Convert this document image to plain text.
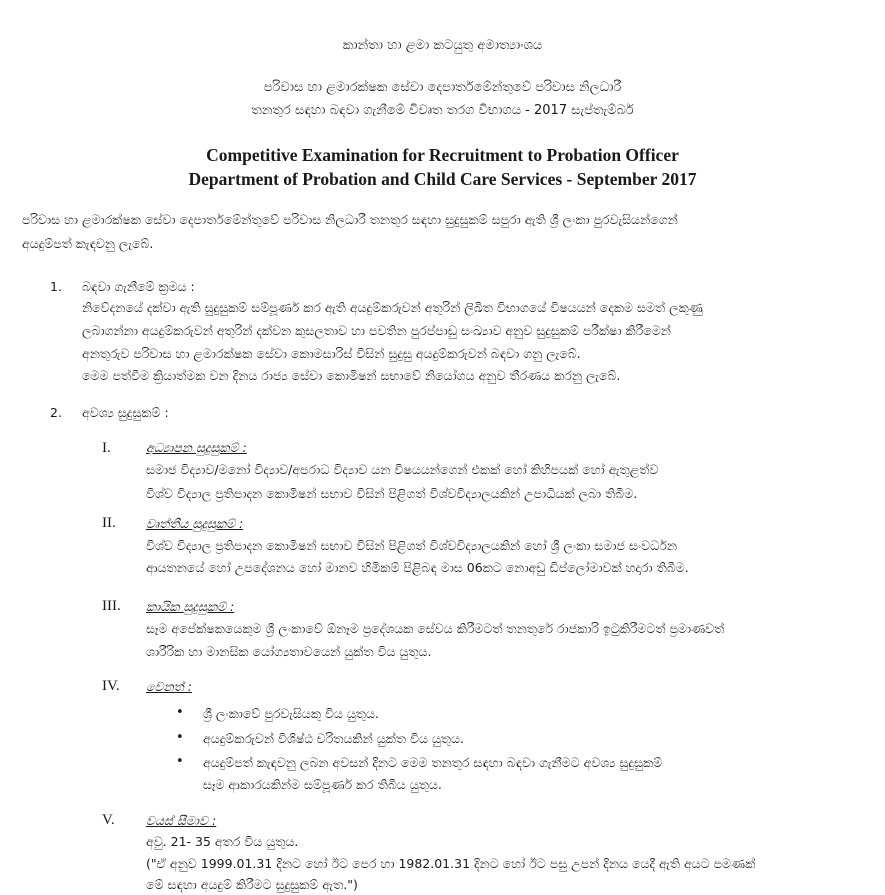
කාන්තා හා ළමා කටයුතු අමාත්‍යාංශය
පරිවාස හා ළමාරක්ෂක සේවා දෙපාර්තමේන්තුවේ පරිවාස නිලධාරී
තනතුර සඳහා බඳවා ගැනීමේ විවෘත තරග විභාගය - 2017 සැප්තැම්බර්
Competitive Examination for Recruitment to Probation Officer
Department of Probation and Child Care Services - September 2017
පරිවාස හා ළමාරක්ෂක සේවා දෙපාර්තමේන්තුවේ පරිවාස නිලධාරී තනතුර සඳහා සුදුසුකම් සපුරා ඇති ශ්‍රී ලංකා පුරවැසියන්ගෙන්
අයදුම්පත් කැඳවනු ලැබේ.
1. බඳවා ගැනීමේ ක්‍රමය :
නිවේදනයේ දක්වා ඇති සුදුසුකම් සම්පූර්ණ කර ඇති අයදුම්කරුවන් අතුරින් ලිඛිත විභාගයේ විෂයයන් දෙකම සමත් ලකුණු
ලබාගන්නා අයදුම්කරුවන් අතුරින් දක්වන කුසලතාව හා පවතින පුරප්පාඩු සංඛ්‍යාව අනුව සුදුසුකම් පරීක්ෂා කිරීමෙන්
අනතුරුව පරිවාස හා ළමාරක්ෂක සේවා කොමසාරිස් විසින් සුදුසු අයදුම්කරුවන් බඳවා ගනු ලැබේ.
මෙම පත්වීම ක්‍රියාත්මක වන දිනය රාජ්‍ය සේවා කොමිෂන් සභාවේ නියෝගය අනුව තීරණය කරනු ලැබේ.
2. අවශ්‍ය සුදුසුකම් :
I.	අධ්‍යාපන සුදුසුකම් :
සමාජ විද්‍යාව/මනෝ විද්‍යාව/අපරාධ විද්‍යාව යන විෂයයන්ගෙන් එකක් හෝ කිහිපයක් හෝ ඇතුළත්ව
විශ්ව විද්‍යාල ප්‍රතිපාදන කොමිෂන් සභාව විසින් පිළිගත් විශ්වවිද්‍යාලයකින් උපාධියක් ලබා තිබීම.
II. වෘත්තීය සුදුසුකම් :
විශ්ව විද්‍යාල ප්‍රතිපාදන කොමිෂන් සභාව විසින් පිළිගත් විශ්වවිද්‍යාලයකින් හෝ ශ්‍රී ලංකා සමාජ සංවර්ධන
ආයතනයේ හෝ උපදේශනය හෝ මානව හිමිකම් පිළිබඳ මාස 06කට නොඅඩු ඩිප්ලෝමාවක් හදාරා තිබීම.
III. කායික සුදුසුකම් :
සෑම අපේක්ෂකයෙකුම ශ්‍රී ලංකාවේ ඕනෑම ප්‍රදේශයක සේවය කිරීමටත් තනතුරේ රාජකාරි ඉටුකිරීමටත් ප්‍රමාණවත්
ශාරීරික හා මානසික යෝග්‍යතාවයෙන් යුක්ත විය යුතුය.
IV. වෙනත් :
• ශ්‍රී ලංකාවේ පුරවැසියකු විය යුතුය.
• අයදුම්කරුවන් විශිෂ්ඨ චරිතයකින් යුක්ත විය යුතුය.
• අයදුම්පත් කැඳවනු ලබන අවසන් දිනට මෙම තනතුර සඳහා බඳවා ගැනීමට අවශ්‍ය සුදුසුකම්
සෑම ආකාරයකින්ම සම්පූර්ණ කර තිබිය යුතුය.
V.	වයස් සීමාව :
අවු. 21- 35 අතර විය යුතුය.
("ඒ අනුව 1999.01.31 දිනට හෝ ඊට පෙර හා 1982.01.31 දිනට හෝ ඊට පසු උපන් දිනය යෙදී ඇති අයට පමණක්
මේ සඳහා අයදුම් කිරීමට සුදුසුකම් ඇත.")
